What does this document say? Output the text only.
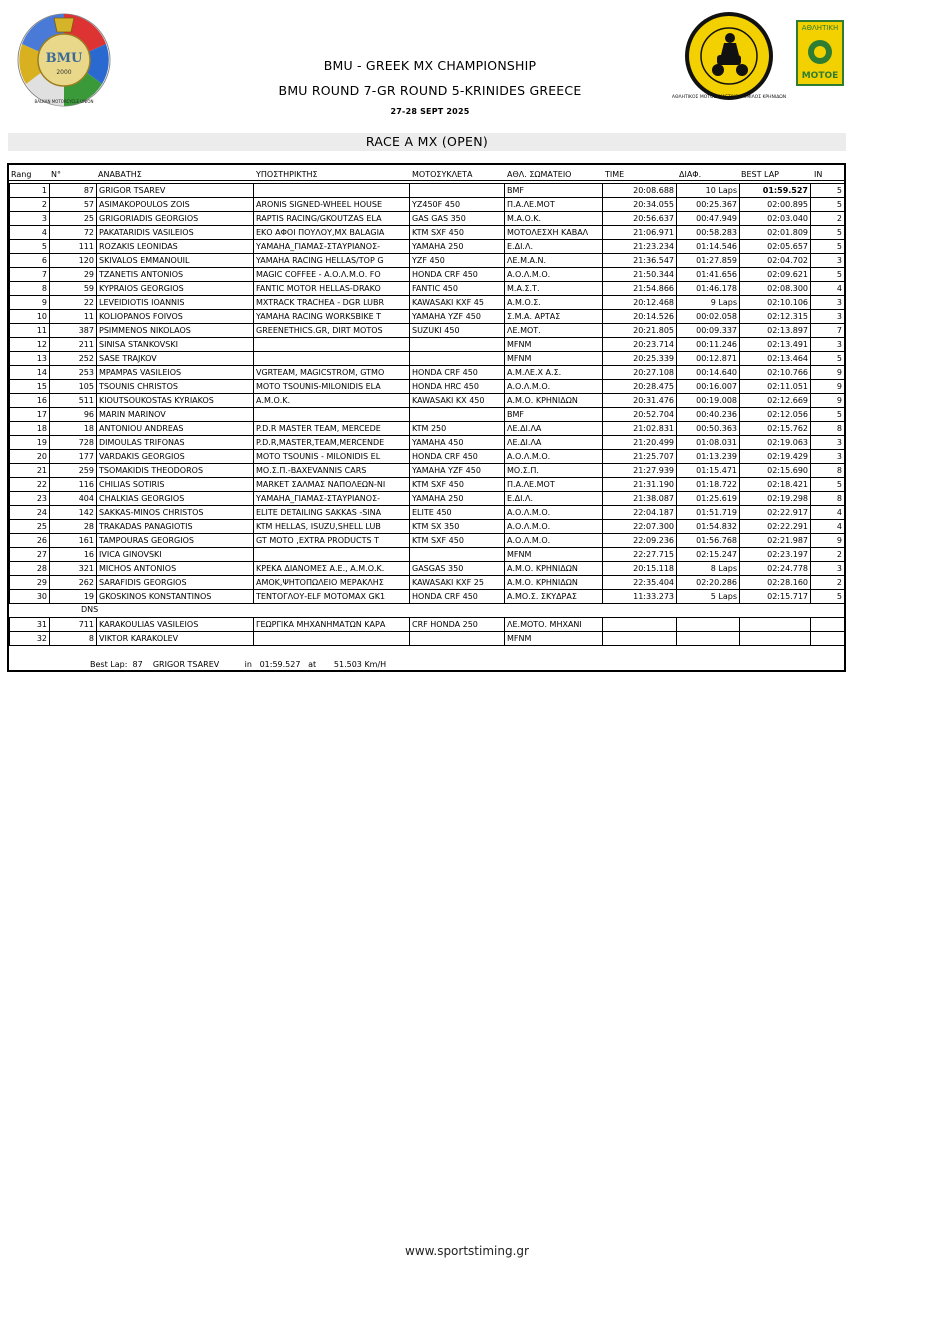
BMU
2000
BALKAN MOTORCYCLE UNION
ΑΘΛΗΤΙΚΟΣ ΜΟΤΟΣΥΚΛΕΤΙΚΟΣ ΟΜΙΛΟΣ ΚΡΗΝΙΔΩΝ
ΑΘΛΗΤΙΚΗ
ΜΟΤΟΕ
BMU - GREEK MX CHAMPIONSHIP
BMU ROUND 7-GR ROUND 5-KRINIDES GREECE
27-28 SEPT 2025
RACE A MX (OPEN)
Rang N°	ΑΝΑΒΑΤΗΣ	ΥΠΟΣΤΗΡΙΚΤΗΣ	ΜΟΤΟΣΥΚΛΕΤΑ	ΑΘΛ. ΣΩΜΑΤΕΙΟ	TIME	ΔΙΑΦ.	BEST LAP	IN
1	87	GRIGOR TSAREV			BMF	20:08.688	10 Laps	01:59.527	5
2	57	ASIMAKOPOULOS ZOIS	ARONIS SIGNED-WHEEL HOUSE	YZ450F 450	Π.Α.ΛΕ.ΜΟΤ	20:34.055	00:25.367	02:00.895	5
3	25	GRIGORIADIS GEORGIOS	RAPTIS RACING/GKOUTZAS ELA	GAS GAS 350	Μ.Α.Ο.Κ.	20:56.637	00:47.949	02:03.040	2
4	72	PAKATARIDIS VASILEIOS	ΕΚΟ ΑΦΟΙ ΠΟΥΛΟΥ,MX BALAGIA	KTM SXF 450	ΜΟΤΟΛΕΣΧΗ ΚΑΒΑΛ	21:06.971	00:58.283	02:01.809	5
5	111	ROZAKIS LEONIDAS	ΥΑΜΑΗΑ_ΓΙΑΜΑΣ-ΣΤΑΥΡΙΑΝΟΣ-	YAMAHA 250	Ε.ΔΙ.Λ.	21:23.234	01:14.546	02:05.657	5
6	120	SKIVALOS EMMANOUIL	YAMAHA RACING HELLAS/TOP G	YZF 450	ΛΕ.Μ.Α.Ν.	21:36.547	01:27.859	02:04.702	3
7	29	TZANETIS ANTONIOS	MAGIC COFFEE - Α.Ο.Λ.Μ.Ο. FO	HONDA CRF 450	Α.Ο.Λ.Μ.Ο.	21:50.344	01:41.656	02:09.621	5
8	59	KYPRAIOS GEORGIOS	FANTIC MOTOR HELLAS-DRAKO	FANTIC 450	Μ.Α.Σ.Τ.	21:54.866	01:46.178	02:08.300	4
9	22	LEVEIDIOTIS IOANNIS	MXTRACK TRACHEA - DGR LUBR	KAWASAKI KXF 45	Α.Μ.Ο.Σ.	20:12.468	9 Laps	02:10.106	3
10	11	KOLIOPANOS FOIVOS	YAMAHA RACING WORKSBIKE T	YAMAHA YZF 450	Σ.Μ.Α. ΑΡΤΑΣ	20:14.526	00:02.058	02:12.315	3
11	387	PSIMMENOS NIKOLAOS	GREENETHICS.GR, DIRT MOTOS	SUZUKI 450	ΛΕ.ΜΟΤ.	20:21.805	00:09.337	02:13.897	7
12	211	SINISA STANKOVSKI			MFNM	20:23.714	00:11.246	02:13.491	3
13	252	SASE TRAJKOV			MFNM	20:25.339	00:12.871	02:13.464	5
14	253	MPAMPAS VASILEIOS	VGRTEAM, MAGICSTROM, GTMO	HONDA CRF 450	Α.Μ.ΛΕ.Χ Α.Σ.	20:27.108	00:14.640	02:10.766	9
15	105	TSOUNIS CHRISTOS	MOTO TSOUNIS-MILONIDIS ELA	HONDA HRC 450	Α.Ο.Λ.Μ.Ο.	20:28.475	00:16.007	02:11.051	9
16	511	KIOUTSOUKOSTAS KYRIAKOS	Α.Μ.Ο.Κ.	KAWASAKI KX 450	Α.Μ.Ο. ΚΡΗΝΙΔΩΝ	20:31.476	00:19.008	02:12.669	9
17	96	MARIN MARINOV			BMF	20:52.704	00:40.236	02:12.056	5
18	18	ANTONIOU ANDREAS	P.D.R MASTER TEAM, MERCEDE	KTM 250	ΛΕ.ΔΙ.ΛΑ	21:02.831	00:50.363	02:15.762	8
19	728	DIMOULAS TRIFONAS	P.D.R,MASTER,TEAM,MERCENDE	YAMAHA 450	ΛΕ.ΔΙ.ΛΑ	21:20.499	01:08.031	02:19.063	3
20	177	VARDAKIS GEORGIOS	MOTO TSOUNIS - MILONIDIS EL	HONDA CRF 450	Α.Ο.Λ.Μ.Ο.	21:25.707	01:13.239	02:19.429	3
21	259	TSOMAKIDIS THEODOROS	ΜΟ.Σ.Π.-ΒΑΧΕVANNIS CARS	YAMAHA YZF 450	ΜΟ.Σ.Π.	21:27.939	01:15.471	02:15.690	8
22	116	CHILIAS SOTIRIS	MARKET ΣΑΛΜΑΣ ΝΑΠΟΛΕΩΝ-ΝΙ	KTM SXF 450	Π.Α.ΛΕ.ΜΟΤ	21:31.190	01:18.722	02:18.421	5
23	404	CHALKIAS GEORGIOS	ΥΑΜΑΗΑ_ΓΙΑΜΑΣ-ΣΤΑΥΡΙΑΝΟΣ-	YAMAHA 250	Ε.ΔΙ.Λ.	21:38.087	01:25.619	02:19.298	8
24	142	SAKKAS-MINOS CHRISTOS	ELITE DETAILING SAKKAS -SINA	ELITE 450	Α.Ο.Λ.Μ.Ο.	22:04.187	01:51.719	02:22.917	4
25	28	TRAKADAS PANAGIOTIS	KTM HELLAS, ISUZU,SHELL LUB	KTM SX 350	Α.Ο.Λ.Μ.Ο.	22:07.300	01:54.832	02:22.291	4
26	161	TAMPOURAS GEORGIOS	GT MOTO ,EXTRA PRODUCTS T	KTM SXF 450	Α.Ο.Λ.Μ.Ο.	22:09.236	01:56.768	02:21.987	9
27	16	IVICA GINOVSKI			MFNM	22:27.715	02:15.247	02:23.197	2
28	321	MICHOS ANTONIOS	ΚΡΕΚΑ ΔΙΑΝΟΜΕΣ Α.Ε., Α.Μ.Ο.Κ.	GASGAS 350	Α.Μ.Ο. ΚΡΗΝΙΔΩΝ	20:15.118	8 Laps	02:24.778	3
29	262	SARAFIDIS GEORGIOS	ΑΜΟΚ,ΨΗΤΟΠΩΛΕΙΟ ΜΕΡΑΚΛΗΣ	KAWASAKI KXF 25	Α.Μ.Ο. ΚΡΗΝΙΔΩΝ	22:35.404	02:20.286	02:28.160	2
30	19	GKOSKINOS KONSTANTINOS	ΤΕΝΤΟΓΛΟΥ-ELF MOTOMAX GK1	HONDA CRF 450	Α.ΜΟ.Σ. ΣΚΥΔΡΑΣ	11:33.273	5 Laps	02:15.717	5
DNS
31	711	KARAKOULIAS VASILEIOS	ΓΕΩΡΓΙΚΑ ΜΗΧΑΝΗΜΑΤΩΝ ΚΑΡΑ	CRF HONDA 250	ΛΕ.ΜΟΤΟ. ΜΗΧΑΝΙ				
32	8	VIKTOR KARAKOLEV			MFNM				
Best Lap:  87    GRIGOR TSAREV          in   01:59.527   at       51.503 Km/H
www.sportstiming.gr
